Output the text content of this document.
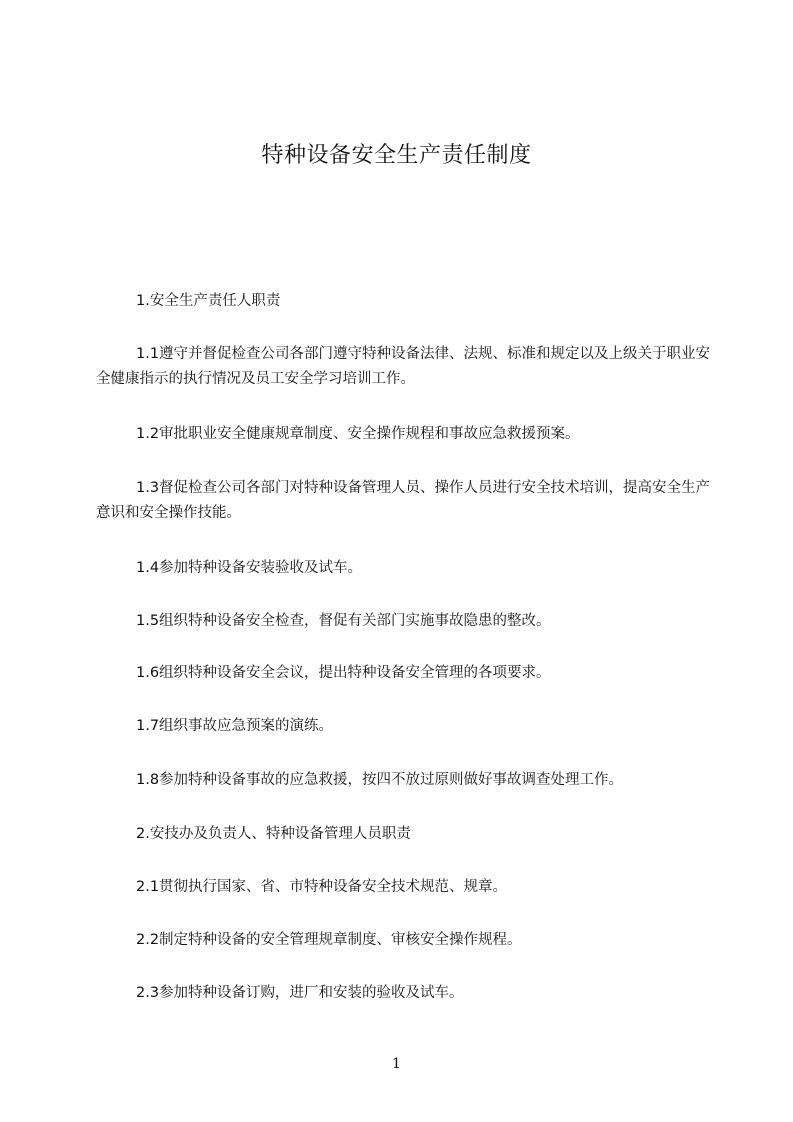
特种设备安全生产责任制度

1.安全生产责任人职责

1.1遵守并督促检查公司各部门遵守特种设备法律、法规、标准和规定以及上级关于职业安全健康指示的执行情况及员工安全学习培训工作。

1.2审批职业安全健康规章制度、安全操作规程和事故应急救援预案。

1.3督促检查公司各部门对特种设备管理人员、操作人员进行安全技术培训，提高安全生产意识和安全操作技能。

1.4参加特种设备安装验收及试车。

1.5组织特种设备安全检查，督促有关部门实施事故隐患的整改。

1.6组织特种设备安全会议，提出特种设备安全管理的各项要求。

1.7组织事故应急预案的演练。

1.8参加特种设备事故的应急救援，按四不放过原则做好事故调查处理工作。

2.安技办及负责人、特种设备管理人员职责

2.1贯彻执行国家、省、市特种设备安全技术规范、规章。

2.2制定特种设备的安全管理规章制度、审核安全操作规程。

2.3参加特种设备订购，进厂和安装的验收及试车。

1
